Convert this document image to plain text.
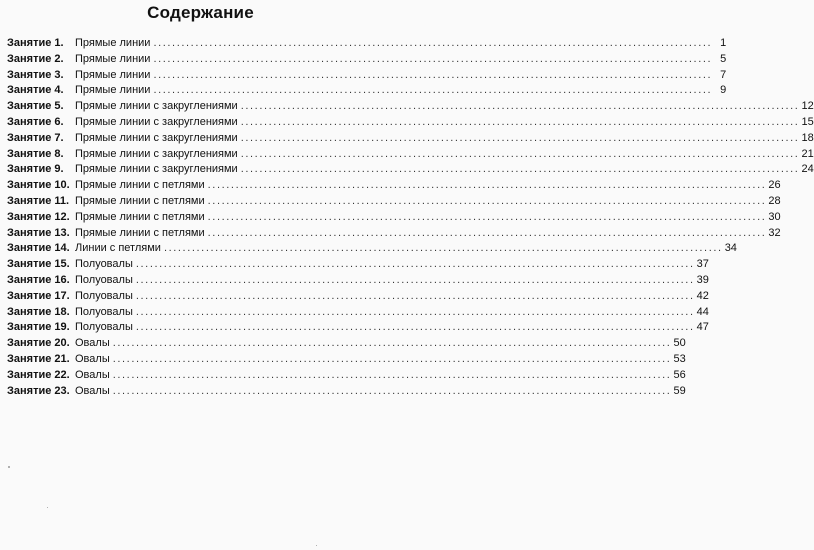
Содержание
Занятие 1.	Прямые линии ........................................................................................................................ 1
Занятие 2.	Прямые линии ........................................................................................................................ 5
Занятие 3.	Прямые линии ........................................................................................................................ 7
Занятие 4.	Прямые линии ........................................................................................................................ 9
Занятие 5.	Прямые линии с закруглениями ........................................................................................................................ 12
Занятие 6.	Прямые линии с закруглениями ........................................................................................................................ 15
Занятие 7.	Прямые линии с закруглениями ........................................................................................................................ 18
Занятие 8.	Прямые линии с закруглениями ........................................................................................................................ 21
Занятие 9.	Прямые линии с закруглениями ........................................................................................................................ 24
Занятие 10. Прямые линии с петлями ........................................................................................................................ 26
Занятие 11. Прямые линии с петлями ........................................................................................................................ 28
Занятие 12. Прямые линии с петлями ........................................................................................................................ 30
Занятие 13. Прямые линии с петлями ........................................................................................................................ 32
Занятие 14. Линии с петлями ........................................................................................................................ 34
Занятие 15. Полуовалы ........................................................................................................................ 37
Занятие 16. Полуовалы ........................................................................................................................ 39
Занятие 17. Полуовалы ........................................................................................................................ 42
Занятие 18. Полуовалы ........................................................................................................................ 44
Занятие 19. Полуовалы ........................................................................................................................ 47
Занятие 20. Овалы ........................................................................................................................ 50
Занятие 21. Овалы ........................................................................................................................ 53
Занятие 22. Овалы ........................................................................................................................ 56
Занятие 23. Овалы ........................................................................................................................ 59
